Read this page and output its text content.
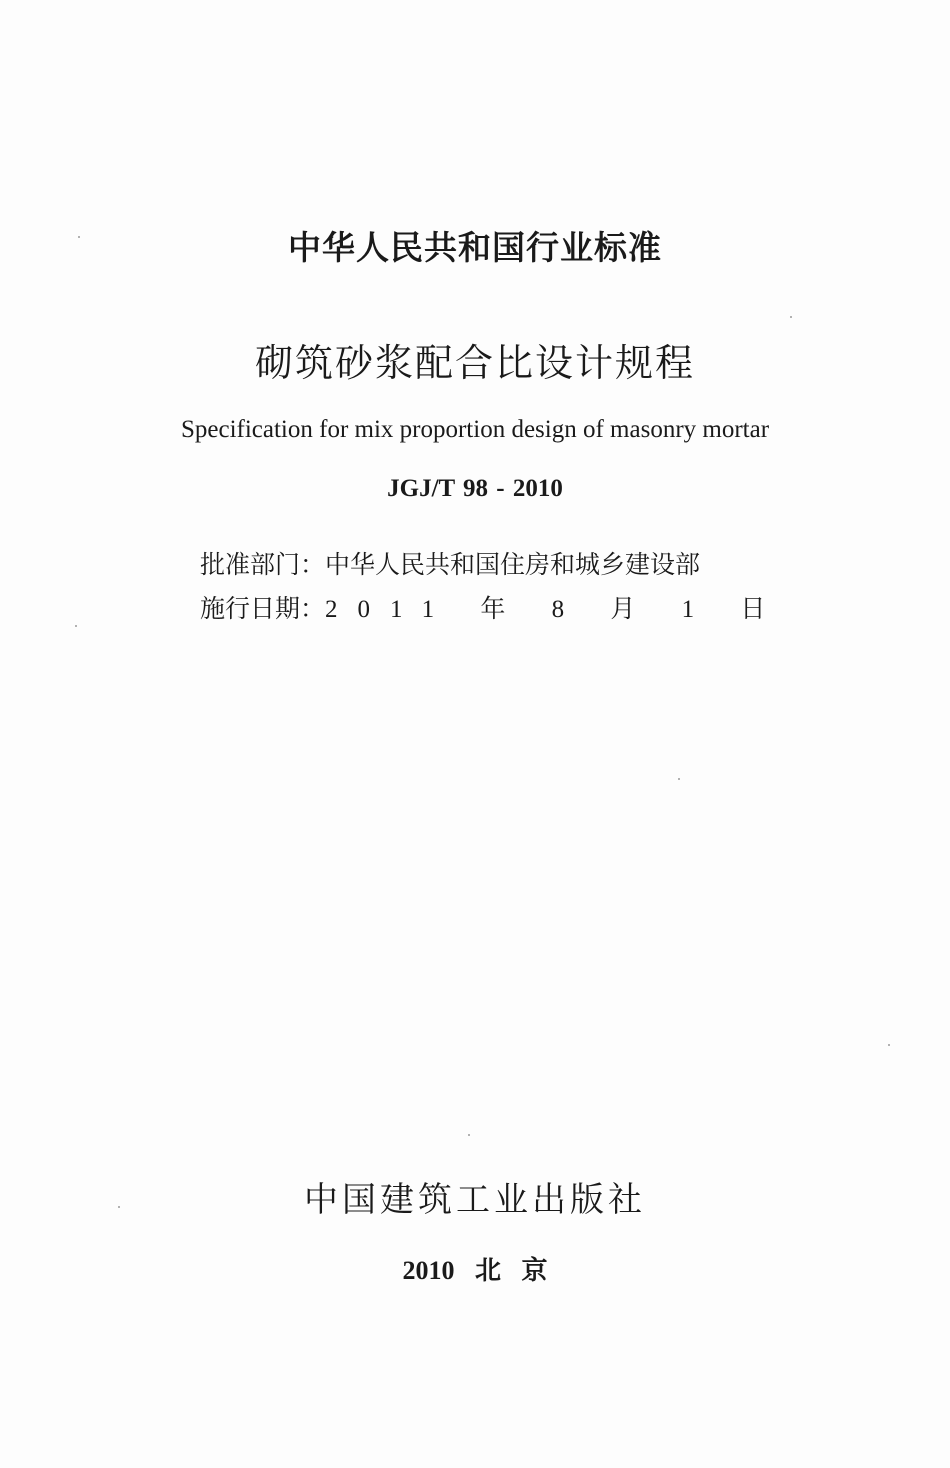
中华人民共和国行业标准
砌筑砂浆配合比设计规程
Specification for mix proportion design of masonry mortar
JGJ/T 98 - 2010
批准部门：中华人民共和国住房和城乡建设部
施行日期：2011 年 8 月 1 日
中国建筑工业出版社
2010 北 京
